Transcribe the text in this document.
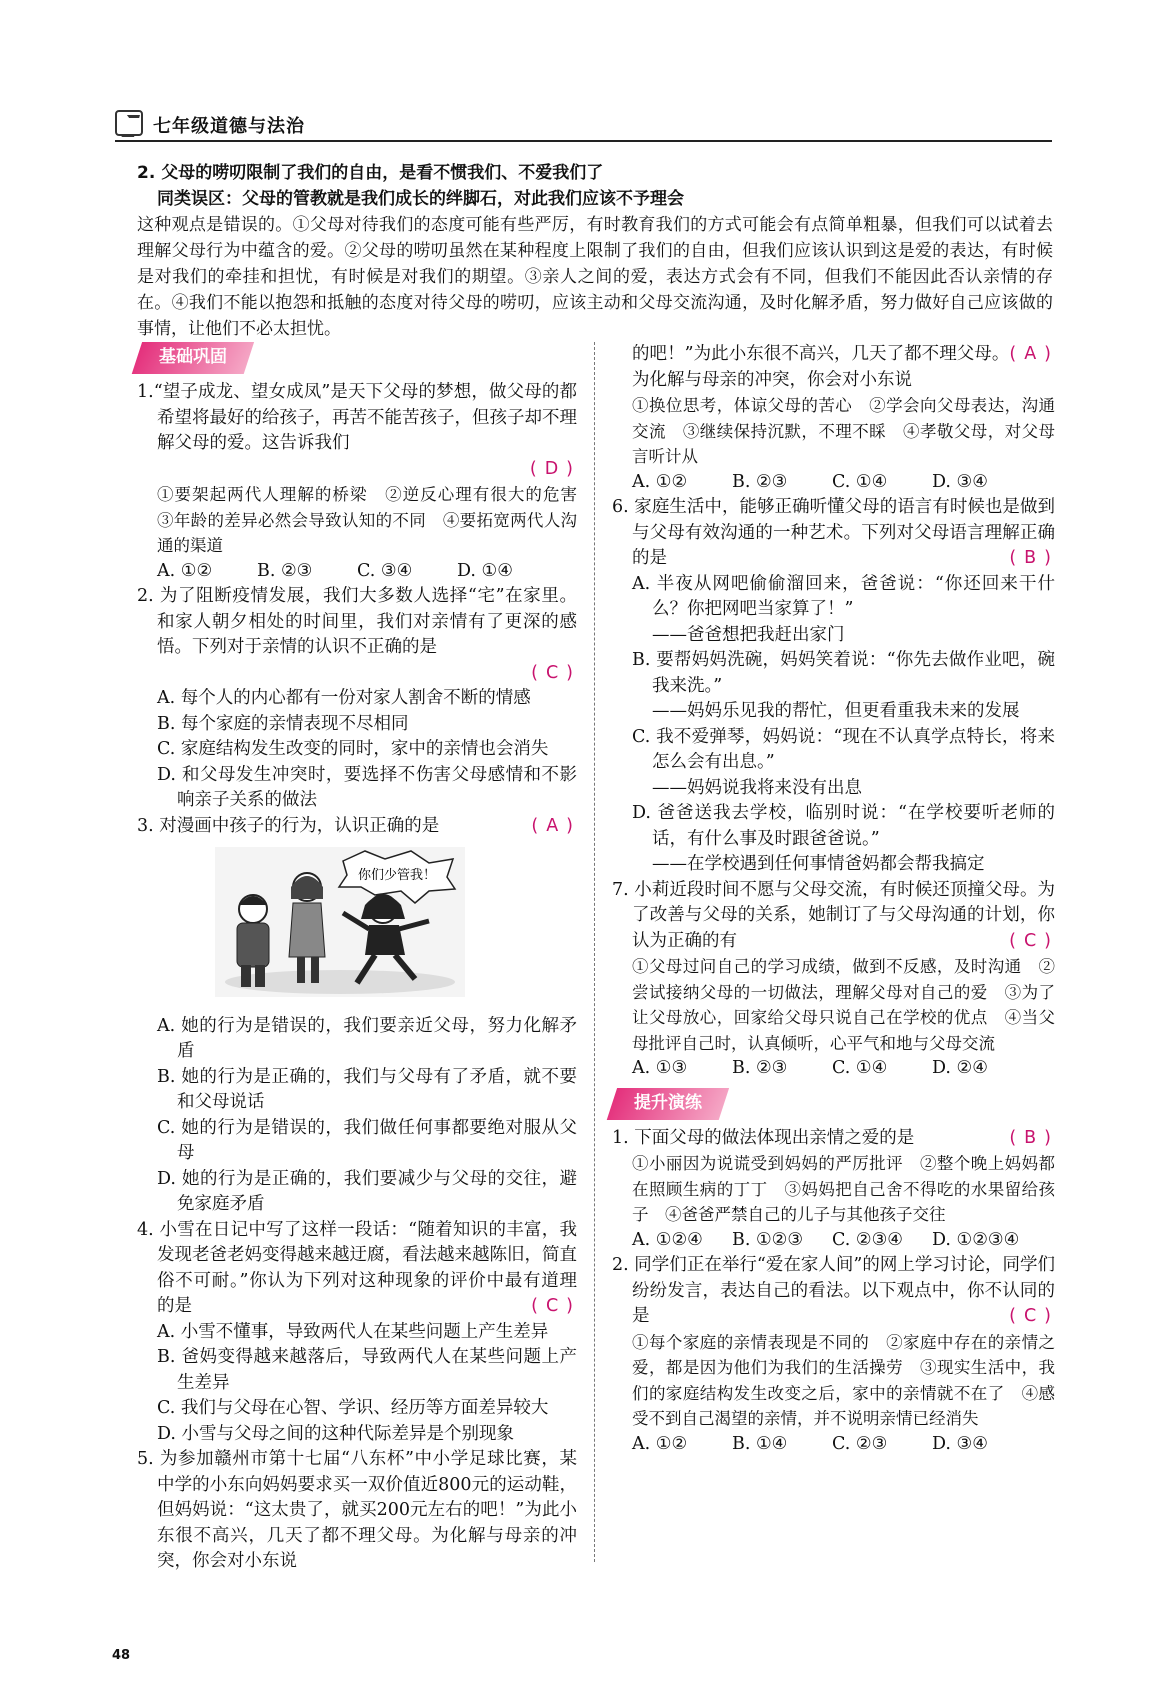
七年级道德与法治

2. 父母的唠叨限制了我们的自由，是看不惯我们、不爱我们了

同类误区：父母的管教就是我们成长的绊脚石，对此我们应该不予理会

这种观点是错误的。①父母对待我们的态度可能有些严厉，有时教育我们的方式可能会有点简单粗暴，但我们可以试着去理解父母行为中蕴含的爱。②父母的唠叨虽然在某种程度上限制了我们的自由，但我们应该认识到这是爱的表达，有时候是对我们的牵挂和担忧，有时候是对我们的期望。③亲人之间的爱，表达方式会有不同，但我们不能因此否认亲情的存在。④我们不能以抱怨和抵触的态度对待父母的唠叨，应该主动和父母交流沟通，及时化解矛盾，努力做好自己应该做的事情，让他们不必太担忧。

基础巩固

1.“望子成龙、望女成凤”是天下父母的梦想，做父母的都希望将最好的给孩子，再苦不能苦孩子，但孩子却不理解父母的爱。这告诉我们

( D )

①要架起两代人理解的桥梁　②逆反心理有很大的危害　③年龄的差异必然会导致认知的不同　④要拓宽两代人沟通的渠道

A. ①②	B. ②③	C. ③④	D. ①④

2. 为了阻断疫情发展，我们大多数人选择“宅”在家里。和家人朝夕相处的时间里，我们对亲情有了更深的感悟。下列对于亲情的认识不正确的是

( C )

A. 每个人的内心都有一份对家人割舍不断的情感

B. 每个家庭的亲情表现不尽相同

C. 家庭结构发生改变的同时，家中的亲情也会消失

D. 和父母发生冲突时，要选择不伤害父母感情和不影响亲子关系的做法

( A )
3. 对漫画中孩子的行为，认识正确的是

你们少管我！

A. 她的行为是错误的，我们要亲近父母，努力化解矛盾

B. 她的行为是正确的，我们与父母有了矛盾，就不要和父母说话

C. 她的行为是错误的，我们做任何事都要绝对服从父母

D. 她的行为是正确的，我们要减少与父母的交往，避免家庭矛盾

4. 小雪在日记中写了这样一段话：“随着知识的丰富，我发现老爸老妈变得越来越迂腐，看法越来越陈旧，简直俗不可耐。”你认为下列对这种现象的评价中最有道理的是	( C )

A. 小雪不懂事，导致两代人在某些问题上产生差异

B. 爸妈变得越来越落后，导致两代人在某些问题上产生差异

C. 我们与父母在心智、学识、经历等方面差异较大

D. 小雪与父母之间的这种代际差异是个别现象

5. 为参加赣州市第十七届“八东杯”中小学足球比赛，某中学的小东向妈妈要求买一双价值近800元的运动鞋，但妈妈说：“这太贵了，就买200元左右的吧！”为此小东很不高兴，几天了都不理父母。为化解与母亲的冲突，你会对小东说

( A )
的吧！”为此小东很不高兴，几天了都不理父母。为化解与母亲的冲突，你会对小东说

①换位思考，体谅父母的苦心　②学会向父母表达，沟通交流　③继续保持沉默，不理不睬　④孝敬父母，对父母言听计从

A. ①②	B. ②③	C. ①④	D. ③④

6. 家庭生活中，能够正确听懂父母的语言有时候也是做到与父母有效沟通的一种艺术。下列对父母语言理解正确的是	( B )

A. 半夜从网吧偷偷溜回来，爸爸说：“你还回来干什么？你把网吧当家算了！”

——爸爸想把我赶出家门

B. 要帮妈妈洗碗，妈妈笑着说：“你先去做作业吧，碗我来洗。”

——妈妈乐见我的帮忙，但更看重我未来的发展

C. 我不爱弹琴，妈妈说：“现在不认真学点特长，将来怎么会有出息。”

——妈妈说我将来没有出息

D. 爸爸送我去学校，临别时说：“在学校要听老师的话，有什么事及时跟爸爸说。”

——在学校遇到任何事情爸妈都会帮我搞定

7. 小莉近段时间不愿与父母交流，有时候还顶撞父母。为了改善与父母的关系，她制订了与父母沟通的计划，你认为正确的有	( C )

①父母过问自己的学习成绩，做到不反感，及时沟通　②尝试接纳父母的一切做法，理解父母对自己的爱　③为了让父母放心，回家给父母只说自己在学校的优点　④当父母批评自己时，认真倾听，心平气和地与父母交流

A. ①③	B. ②③	C. ①④	D. ②④
提升演练

( B )
1. 下面父母的做法体现出亲情之爱的是

①小丽因为说谎受到妈妈的严厉批评　②整个晚上妈妈都在照顾生病的丁丁　③妈妈把自己舍不得吃的水果留给孩子　④爸爸严禁自己的儿子与其他孩子交往

A. ①②④	B. ①②③	C. ②③④	D. ①②③④

2. 同学们正在举行“爱在家人间”的网上学习讨论，同学们纷纷发言，表达自己的看法。以下观点中，你不认同的是	( C )

①每个家庭的亲情表现是不同的　②家庭中存在的亲情之爱，都是因为他们为我们的生活操劳　③现实生活中，我们的家庭结构发生改变之后，家中的亲情就不在了　④感受不到自己渴望的亲情，并不说明亲情已经消失

A. ①②	B. ①④	C. ②③	D. ③④
48
